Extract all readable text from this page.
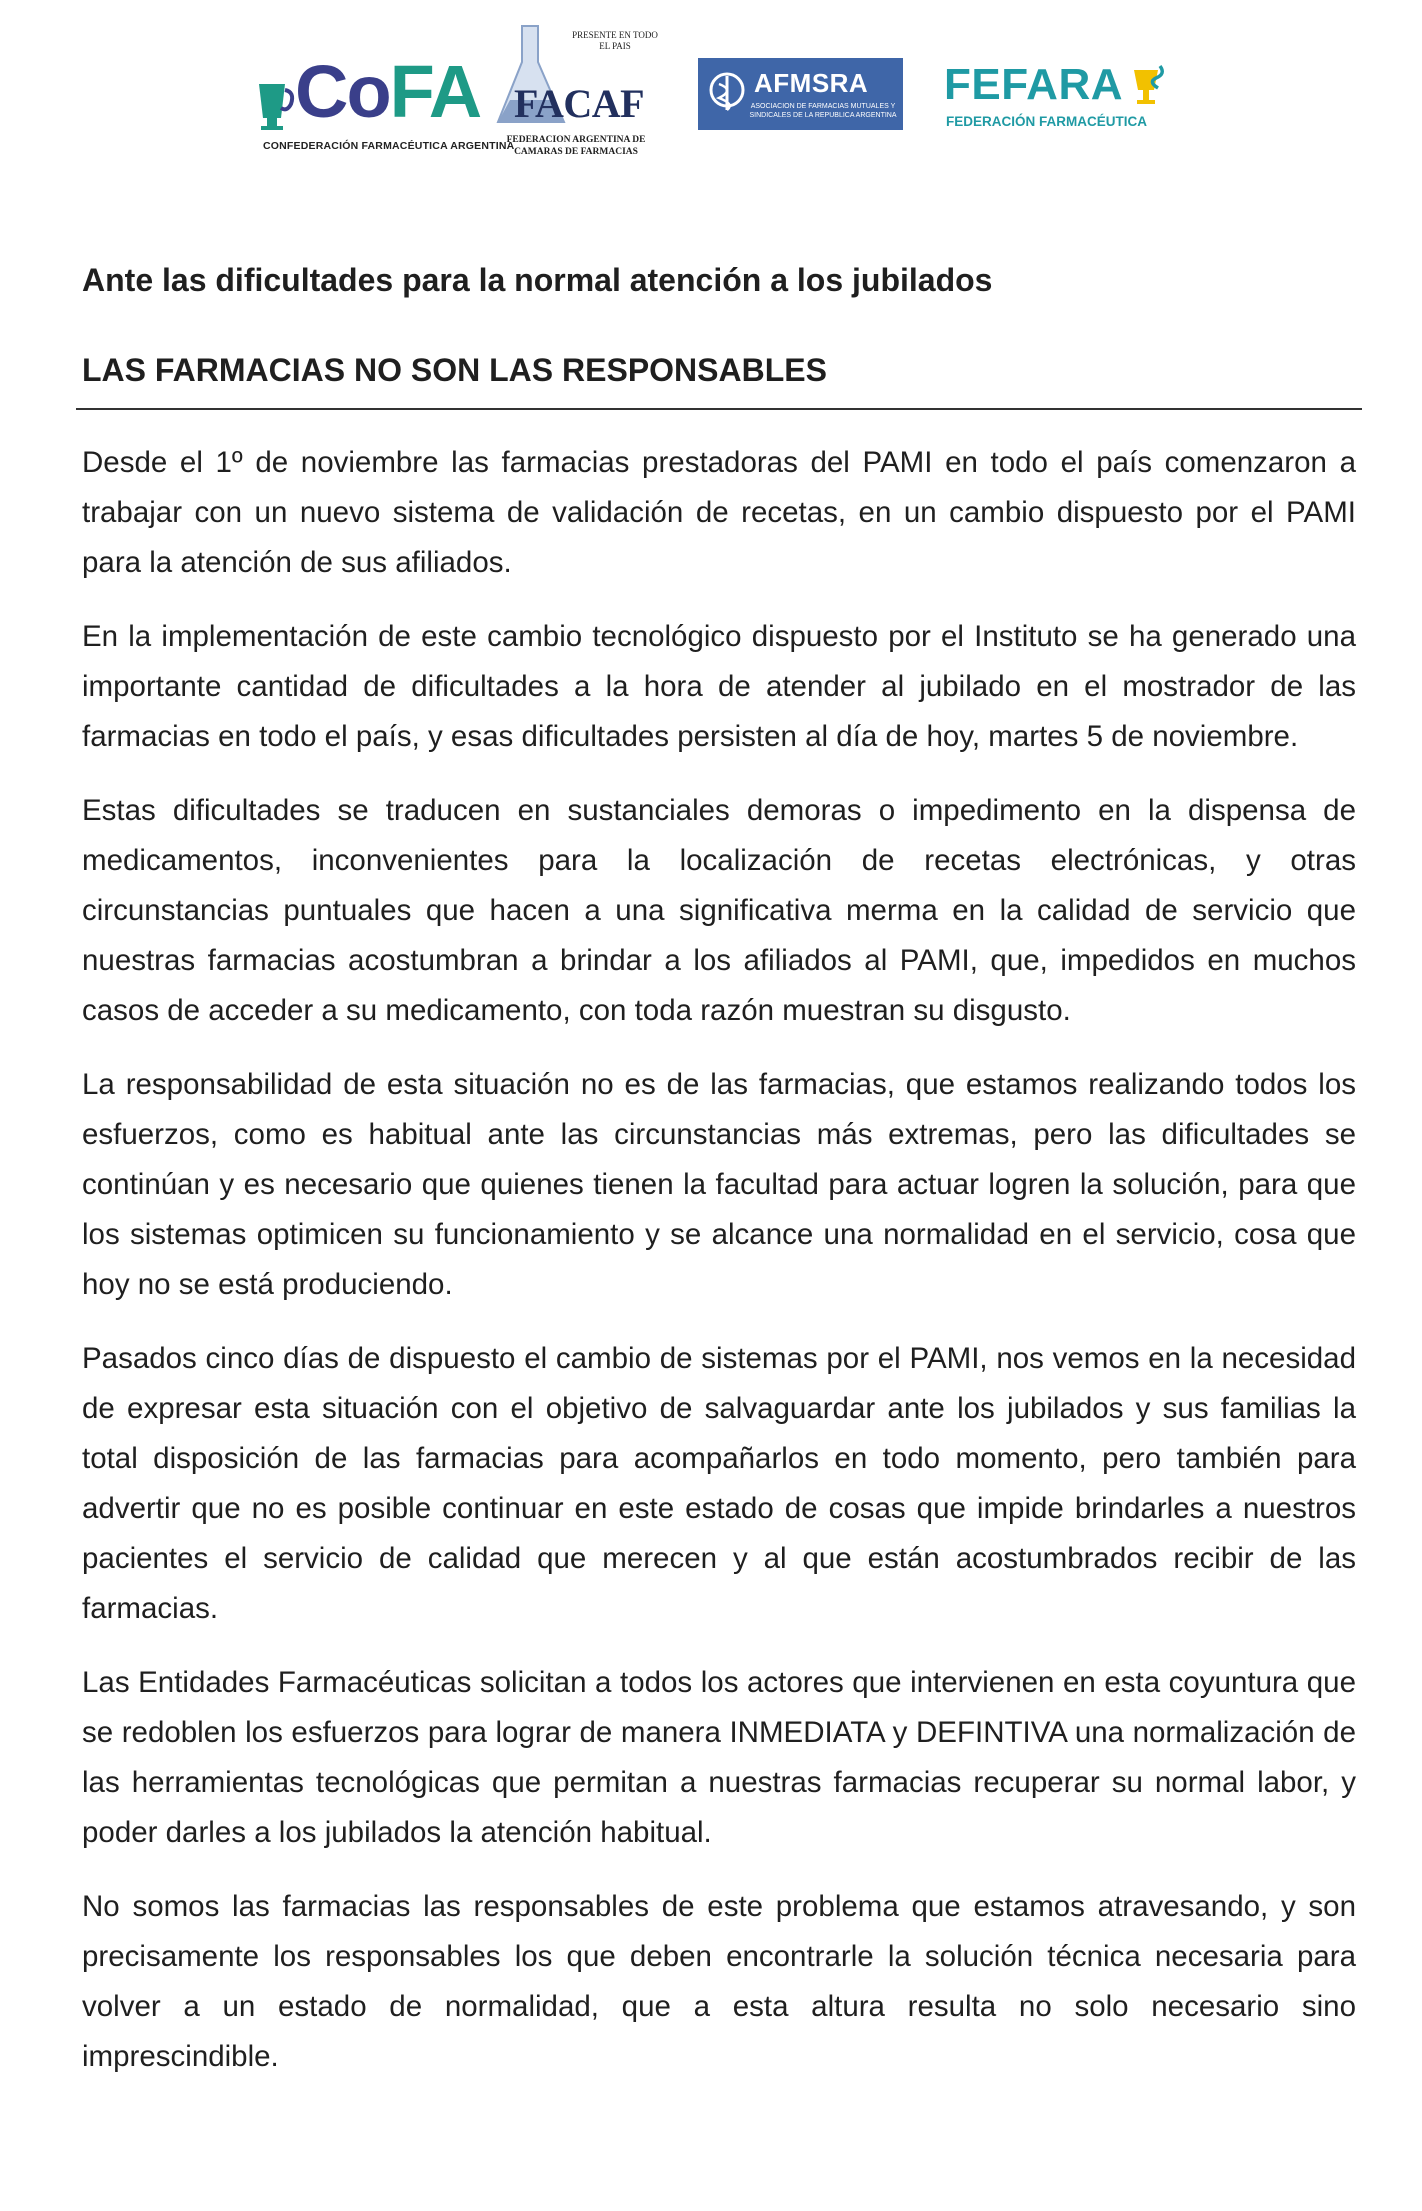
CoFA
CONFEDERACIÓN FARMACÉUTICA ARGENTINA
PRESENTE EN TODO EL PAIS
FACAF
FEDERACION ARGENTINA DE CAMARAS DE FARMACIAS
AFMSRA
ASOCIACION DE FARMACIAS MUTUALES Y SINDICALES DE LA REPUBLICA ARGENTINA
FEFARA
FEDERACIÓN FARMACÉUTICA
Ante las dificultades para la normal atención a los jubilados
LAS FARMACIAS NO SON LAS RESPONSABLES

Desde el 1º de noviembre las farmacias prestadoras del PAMI en todo el país comenzaron a trabajar con un nuevo sistema de validación de recetas, en un cambio dispuesto por el PAMI para la atención de sus afiliados.

En la implementación de este cambio tecnológico dispuesto por el Instituto se ha generado una importante cantidad de dificultades a la hora de atender al jubilado en el mostrador de las farmacias en todo el país, y esas dificultades persisten al día de hoy, martes 5 de noviembre.

Estas dificultades se traducen en sustanciales demoras o impedimento en la dispensa de medicamentos, inconvenientes para la localización de recetas electrónicas, y otras circunstancias puntuales que hacen a una significativa merma en la calidad de servicio que nuestras farmacias acostumbran a brindar a los afiliados al PAMI, que, impedidos en muchos casos de acceder a su medicamento, con toda razón muestran su disgusto.

La responsabilidad de esta situación no es de las farmacias, que estamos realizando todos los esfuerzos, como es habitual ante las circunstancias más extremas, pero las dificultades se continúan y es necesario que quienes tienen la facultad para actuar logren la solución, para que los sistemas optimicen su funcionamiento y se alcance una normalidad en el servicio, cosa que hoy no se está produciendo.

Pasados cinco días de dispuesto el cambio de sistemas por el PAMI, nos vemos en la necesidad de expresar esta situación con el objetivo de salvaguardar ante los jubilados y sus familias la total disposición de las farmacias para acompañarlos en todo momento, pero también para advertir que no es posible continuar en este estado de cosas que impide brindarles a nuestros pacientes el servicio de calidad que merecen y al que están acostumbrados recibir de las farmacias.

Las Entidades Farmacéuticas solicitan a todos los actores que intervienen en esta coyuntura que se redoblen los esfuerzos para lograr de manera INMEDIATA y DEFINTIVA una normalización de las herramientas tecnológicas que permitan a nuestras farmacias recuperar su normal labor, y poder darles a los jubilados la atención habitual.

No somos las farmacias las responsables de este problema que estamos atravesando, y son precisamente los responsables los que deben encontrarle la solución técnica necesaria para volver a un estado de normalidad, que a esta altura resulta no solo necesario sino imprescindible.
